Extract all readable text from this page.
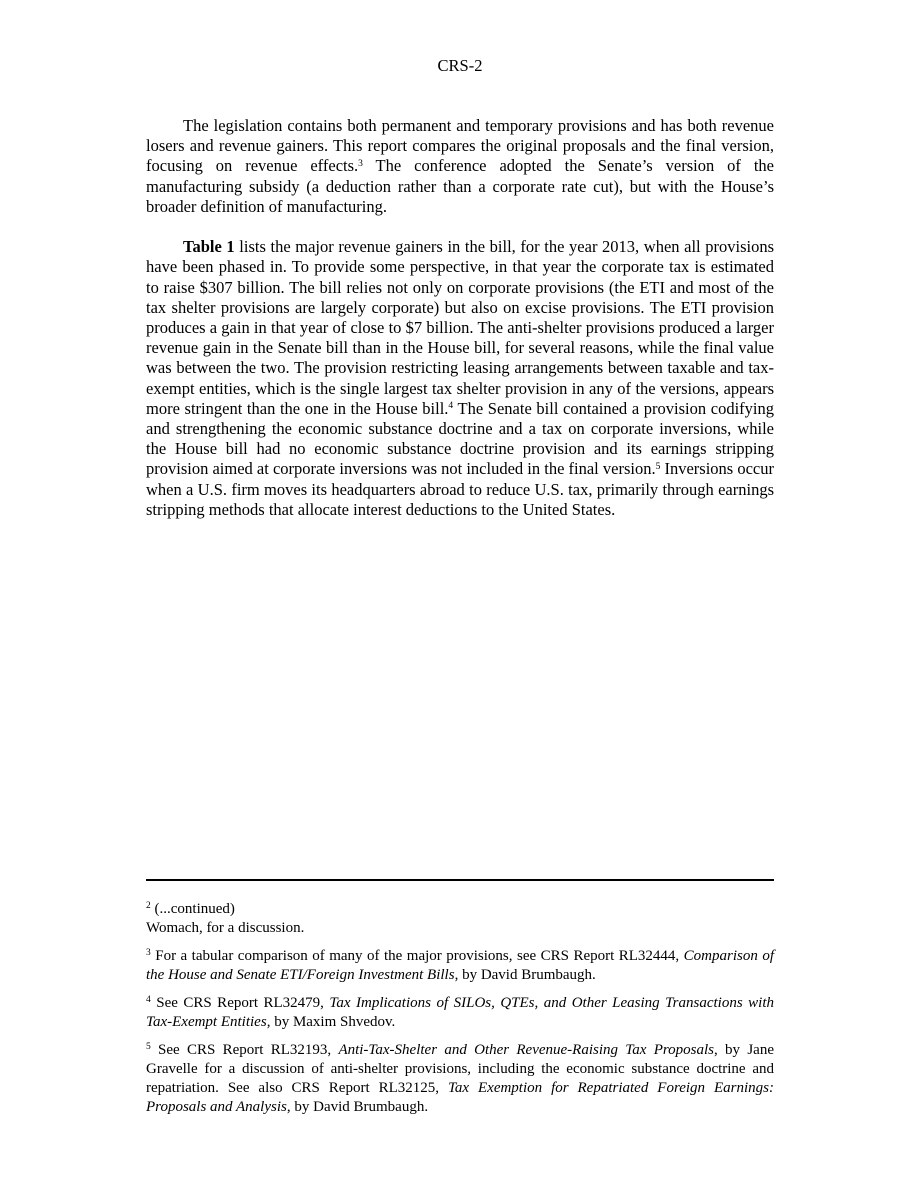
CRS-2

The legislation contains both permanent and temporary provisions and has both revenue losers and revenue gainers. This report compares the original proposals and the final version, focusing on revenue effects.$^3$ The conference adopted the Senate’s version of the manufacturing subsidy (a deduction rather than a corporate rate cut), but with the House’s broader definition of manufacturing.

Table 1 lists the major revenue gainers in the bill, for the year 2013, when all provisions have been phased in. To provide some perspective, in that year the corporate tax is estimated to raise $307 billion. The bill relies not only on corporate provisions (the ETI and most of the tax shelter provisions are largely corporate) but also on excise provisions. The ETI provision produces a gain in that year of close to $7 billion. The anti-shelter provisions produced a larger revenue gain in the Senate bill than in the House bill, for several reasons, while the final value was between the two. The provision restricting leasing arrangements between taxable and tax-exempt entities, which is the single largest tax shelter provision in any of the versions, appears more stringent than the one in the House bill.$^4$ The Senate bill contained a provision codifying and strengthening the economic substance doctrine and a tax on corporate inversions, while the House bill had no economic substance doctrine provision and its earnings stripping provision aimed at corporate inversions was not included in the final version.$^5$ Inversions occur when a U.S. firm moves its headquarters abroad to reduce U.S. tax, primarily through earnings stripping methods that allocate interest deductions to the United States.

$^2$ (...continued)
Womach, for a discussion.
$^3$ For a tabular comparison of many of the major provisions, see CRS Report RL32444, Comparison of the House and Senate ETI/Foreign Investment Bills, by David Brumbaugh.
$^4$ See CRS Report RL32479, Tax Implications of SILOs, QTEs, and Other Leasing Transactions with Tax-Exempt Entities, by Maxim Shvedov.
$^5$ See CRS Report RL32193, Anti-Tax-Shelter and Other Revenue-Raising Tax Proposals, by Jane Gravelle for a discussion of anti-shelter provisions, including the economic substance doctrine and repatriation. See also CRS Report RL32125, Tax Exemption for Repatriated Foreign Earnings: Proposals and Analysis, by David Brumbaugh.
